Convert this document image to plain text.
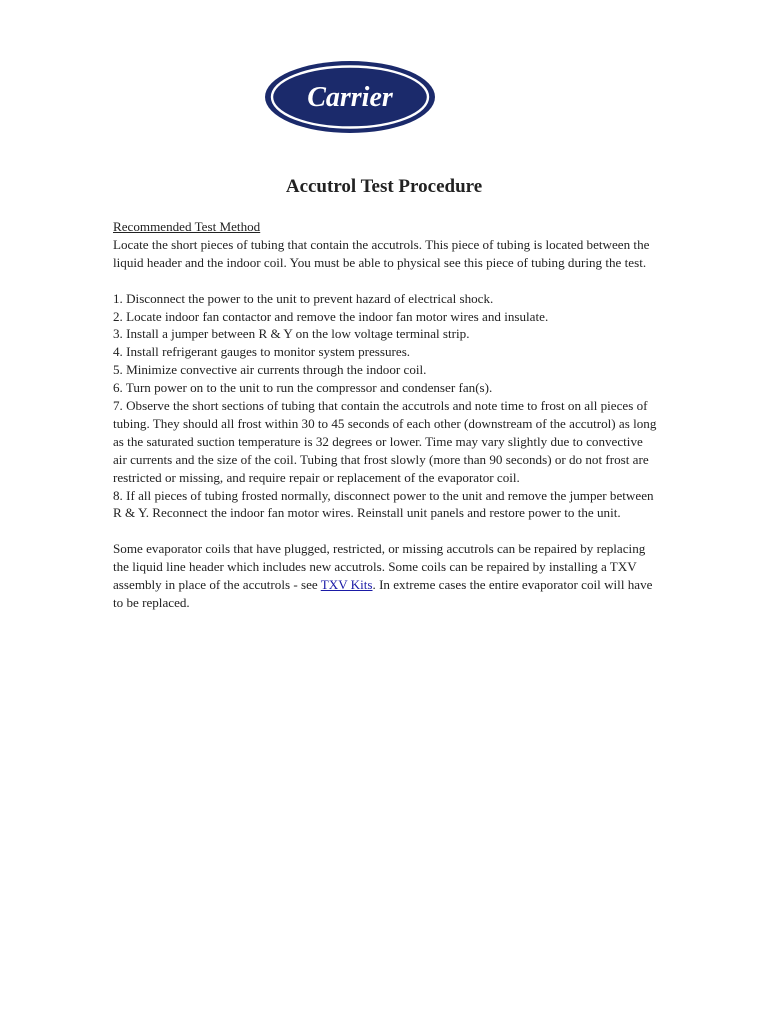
Carrier
Accutrol Test Procedure

Recommended Test Method

Locate the short pieces of tubing that contain the accutrols. This piece of tubing is located between the liquid header and the indoor coil. You must be able to physical see this piece of tubing during the test.

1. Disconnect the power to the unit to prevent hazard of electrical shock.

2. Locate indoor fan contactor and remove the indoor fan motor wires and insulate.

3. Install a jumper between R & Y on the low voltage terminal strip.

4. Install refrigerant gauges to monitor system pressures.

5. Minimize convective air currents through the indoor coil.

6. Turn power on to the unit to run the compressor and condenser fan(s).

7. Observe the short sections of tubing that contain the accutrols and note time to frost on all pieces of tubing. They should all frost within 30 to 45 seconds of each other (downstream of the accutrol) as long as the saturated suction temperature is 32 degrees or lower. Time may vary slightly due to convective air currents and the size of the coil. Tubing that frost slowly (more than 90 seconds) or do not frost are restricted or missing, and require repair or replacement of the evaporator coil.

8. If all pieces of tubing frosted normally, disconnect power to the unit and remove the jumper between R & Y. Reconnect the indoor fan motor wires. Reinstall unit panels and restore power to the unit.

Some evaporator coils that have plugged, restricted, or missing accutrols can be repaired by replacing the liquid line header which includes new accutrols. Some coils can be repaired by installing a TXV assembly in place of the accutrols - see TXV Kits. In extreme cases the entire evaporator coil will have to be replaced.
